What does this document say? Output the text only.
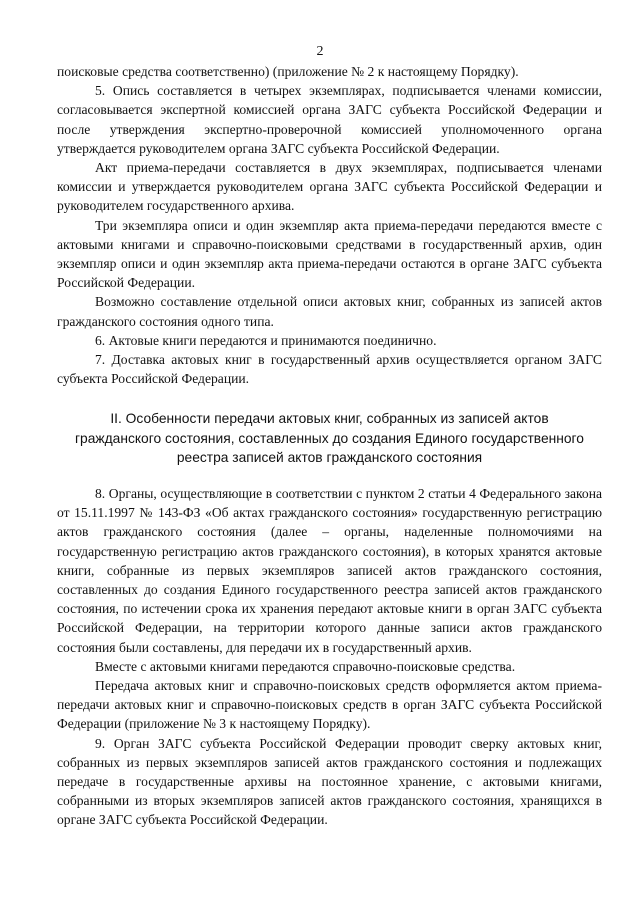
2

поисковые средства соответственно) (приложение № 2 к настоящему Порядку).

5. Опись составляется в четырех экземплярах, подписывается членами комиссии, согласовывается экспертной комиссией органа ЗАГС субъекта Российской Федерации и после утверждения экспертно-проверочной комиссией уполномоченного органа утверждается руководителем органа ЗАГС субъекта Российской Федерации.

Акт приема-передачи составляется в двух экземплярах, подписывается членами комиссии и утверждается руководителем органа ЗАГС субъекта Российской Федерации и руководителем государственного архива.

Три экземпляра описи и один экземпляр акта приема-передачи передаются вместе с актовыми книгами и справочно-поисковыми средствами в государственный архив, один экземпляр описи и один экземпляр акта приема-передачи остаются в органе ЗАГС субъекта Российской Федерации.

Возможно составление отдельной описи актовых книг, собранных из записей актов гражданского состояния одного типа.

6. Актовые книги передаются и принимаются поединично.

7. Доставка актовых книг в государственный архив осуществляется органом ЗАГС субъекта Российской Федерации.

II. Особенности передачи актовых книг, собранных из записей актов
гражданского состояния, составленных до создания Единого государственного
реестра записей актов гражданского состояния

8. Органы, осуществляющие в соответствии с пунктом 2 статьи 4 Федерального закона от 15.11.1997 № 143-ФЗ «Об актах гражданского состояния» государственную регистрацию актов гражданского состояния (далее – органы, наделенные полномочиями на государственную регистрацию актов гражданского состояния), в которых хранятся актовые книги, собранные из первых экземпляров записей актов гражданского состояния, составленных до создания Единого государственного реестра записей актов гражданского состояния, по истечении срока их хранения передают актовые книги в орган ЗАГС субъекта Российской Федерации, на территории которого данные записи актов гражданского состояния были составлены, для передачи их в государственный архив.

Вместе с актовыми книгами передаются справочно-поисковые средства.

Передача актовых книг и справочно-поисковых средств оформляется актом приема-передачи актовых книг и справочно-поисковых средств в орган ЗАГС субъекта Российской Федерации (приложение № 3 к настоящему Порядку).

9. Орган ЗАГС субъекта Российской Федерации проводит сверку актовых книг, собранных из первых экземпляров записей актов гражданского состояния и подлежащих передаче в государственные архивы на постоянное хранение, с актовыми книгами, собранными из вторых экземпляров записей актов гражданского состояния, хранящихся в органе ЗАГС субъекта Российской Федерации.
